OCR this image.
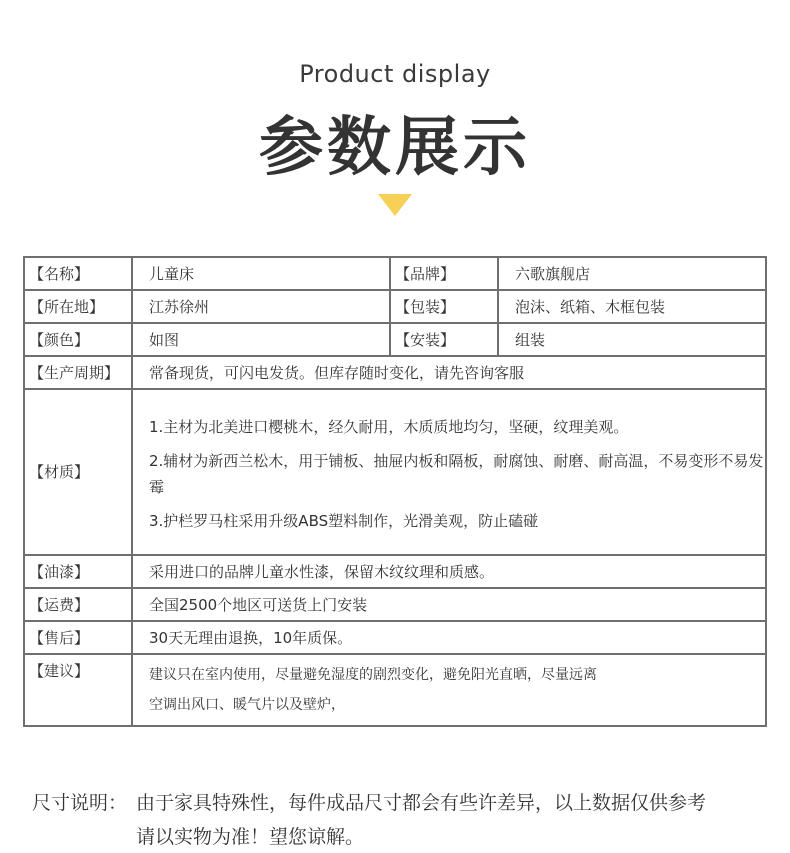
Product display
参数展示
【名称】	儿童床	【品牌】	六歌旗舰店
【所在地】	江苏徐州	【包装】	泡沫、纸箱、木框包装
【颜色】	如图	【安装】	组装
【生产周期】	常备现货，可闪电发货。但库存随时变化，请先咨询客服		
【材质】	1.主材为北美进口樱桃木，经久耐用，木质质地均匀，坚硬，纹理美观。

2.辅材为新西兰松木，用于铺板、抽屉内板和隔板，耐腐蚀、耐磨、耐高温，不易变形不易发霉

3.护栏罗马柱采用升级ABS塑料制作，光滑美观，防止磕碰		

【油漆】	采用进口的品牌儿童水性漆，保留木纹纹理和质感。		
【运费】	全国2500个地区可送货上门安装		
【售后】	30天无理由退换，10年质保。		
【建议】	建议只在室内使用，尽量避免湿度的剧烈变化，避免阳光直晒，尽量远离

空调出风口、暖气片以及壁炉，		

尺寸说明： 由于家具特殊性，每件成品尺寸都会有些许差异，以上数据仅供参考
请以实物为准！望您谅解。
